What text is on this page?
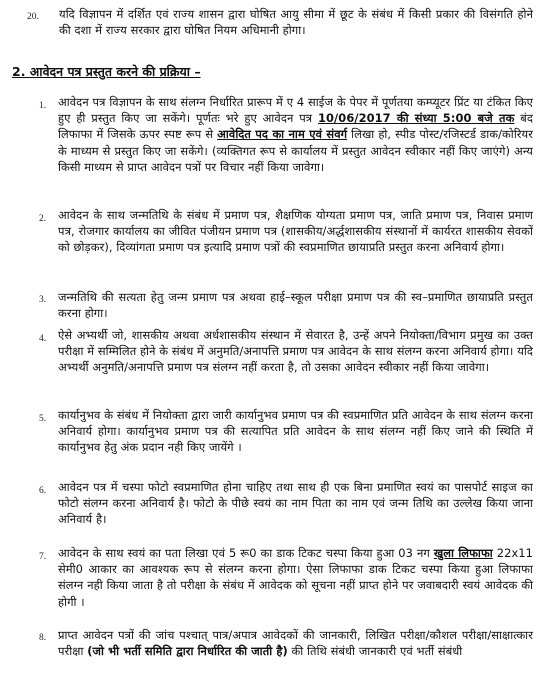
20. यदि विज्ञापन में दर्शित एवं राज्य शासन द्वारा घोषित आयु सीमा में छूट के संबंध में किसी प्रकार की विसंगति होने की दशा में राज्य सरकार द्वारा घोषित नियम अधिमानी होगा।
2. आवेदन पत्र प्रस्तुत करने की प्रक्रिया –
1. आवेदन पत्र विज्ञापन के साथ संलग्न निर्धारित प्रारूप में ए 4 साईज के पेपर में पूर्णतया कम्प्यूटर प्रिंट या टंकित किए हुए ही प्रस्तुत किए जा सकेंगे। पूर्णतः भरे हुए आवेदन पत्र 10/06/2017 की संध्या 5:00 बजे तक बंद लिफाफा में जिसके ऊपर स्पष्ट रूप से आवेदित पद का नाम एवं संवर्ग लिखा हो, स्पीड पोस्ट/रजिस्टर्ड डाक/कोरियर के माध्यम से प्रस्तुत किए जा सकेंगे। (व्यक्तिगत रूप से कार्यालय में प्रस्तुत आवेदन स्वीकार नहीं किए जाएंगे) अन्य किसी माध्यम से प्राप्त आवेदन पत्रों पर विचार नहीं किया जावेगा।
2. आवेदन के साथ जन्मतिथि के संबंध में प्रमाण पत्र, शैक्षणिक योग्यता प्रमाण पत्र, जाति प्रमाण पत्र, निवास प्रमाण पत्र, रोजगार कार्यालय का जीवित पंजीयन प्रमाण पत्र (शासकीय/अर्द्धशासकीय संस्थानों में कार्यरत शासकीय सेवकों को छोड़कर), दिव्यांगता प्रमाण पत्र इत्यादि प्रमाण पत्रों की स्वप्रमाणित छायाप्रति प्रस्तुत करना अनिवार्य होगा।
3. जन्मतिथि की सत्यता हेतु जन्म प्रमाण पत्र अथवा हाई–स्कूल परीक्षा प्रमाण पत्र की स्व–प्रमाणित छायाप्रति प्रस्तुत करना होगा।
4. ऐसे अभ्यर्थी जो, शासकीय अथवा अर्धशासकीय संस्थान में सेवारत है, उन्हें अपने नियोक्ता/विभाग प्रमुख का उक्त परीक्षा में सम्मिलित होने के संबंध में अनुमति/अनापत्ति प्रमाण पत्र आवेदन के साथ संलग्न करना अनिवार्य होगा। यदि अभ्यर्थी अनुमति/अनापत्ति प्रमाण पत्र संलग्न नहीं करता है, तो उसका आवेदन स्वीकार नहीं किया जावेगा।
5. कार्यानुभव के संबंध में नियोक्ता द्वारा जारी कार्यानुभव प्रमाण पत्र की स्वप्रमाणित प्रति आवेदन के साथ संलग्न करना अनिवार्य होगा। कार्यानुभव प्रमाण पत्र की सत्यापित प्रति आवेदन के साथ संलग्न नहीं किए जाने की स्थिति में कार्यानुभव हेतु अंक प्रदान नही किए जायेंगे ।
6. आवेदन पत्र में चस्पा फोटो स्वप्रमाणित होना चाहिए तथा साथ ही एक बिना प्रमाणित स्वयं का पासपोर्ट साइज का फोटो संलग्न करना अनिवार्य है। फोटो के पीछे स्वयं का नाम पिता का नाम एवं जन्म तिथि का उल्लेख किया जाना अनिवार्य है।
7. आवेदन के साथ स्वयं का पता लिखा एवं 5 रू0 का डाक टिकट चस्पा किया हुआ 03 नग खुला लिफाफा 22x11 सेमी0 आकार का आवश्यक रूप से संलग्न करना होगा। ऐसा लिफाफा डाक टिकट चस्पा किया हुआ लिफाफा संलग्न नही किया जाता है तो परीक्षा के संबंध में आवेदक को सूचना नहीं प्राप्त होने पर जवाबदारी स्वयं आवेदक की होगी ।
8. प्राप्त आवेदन पत्रों की जांच पश्चात् पात्र/अपात्र आवेदकों की जानकारी, लिखित परीक्षा/कौशल परीक्षा/साक्षात्कार परीक्षा (जो भी भर्ती समिति द्वारा निर्धारित की जाती है) की तिथि संबंधी जानकारी एवं भर्ती संबंधी
